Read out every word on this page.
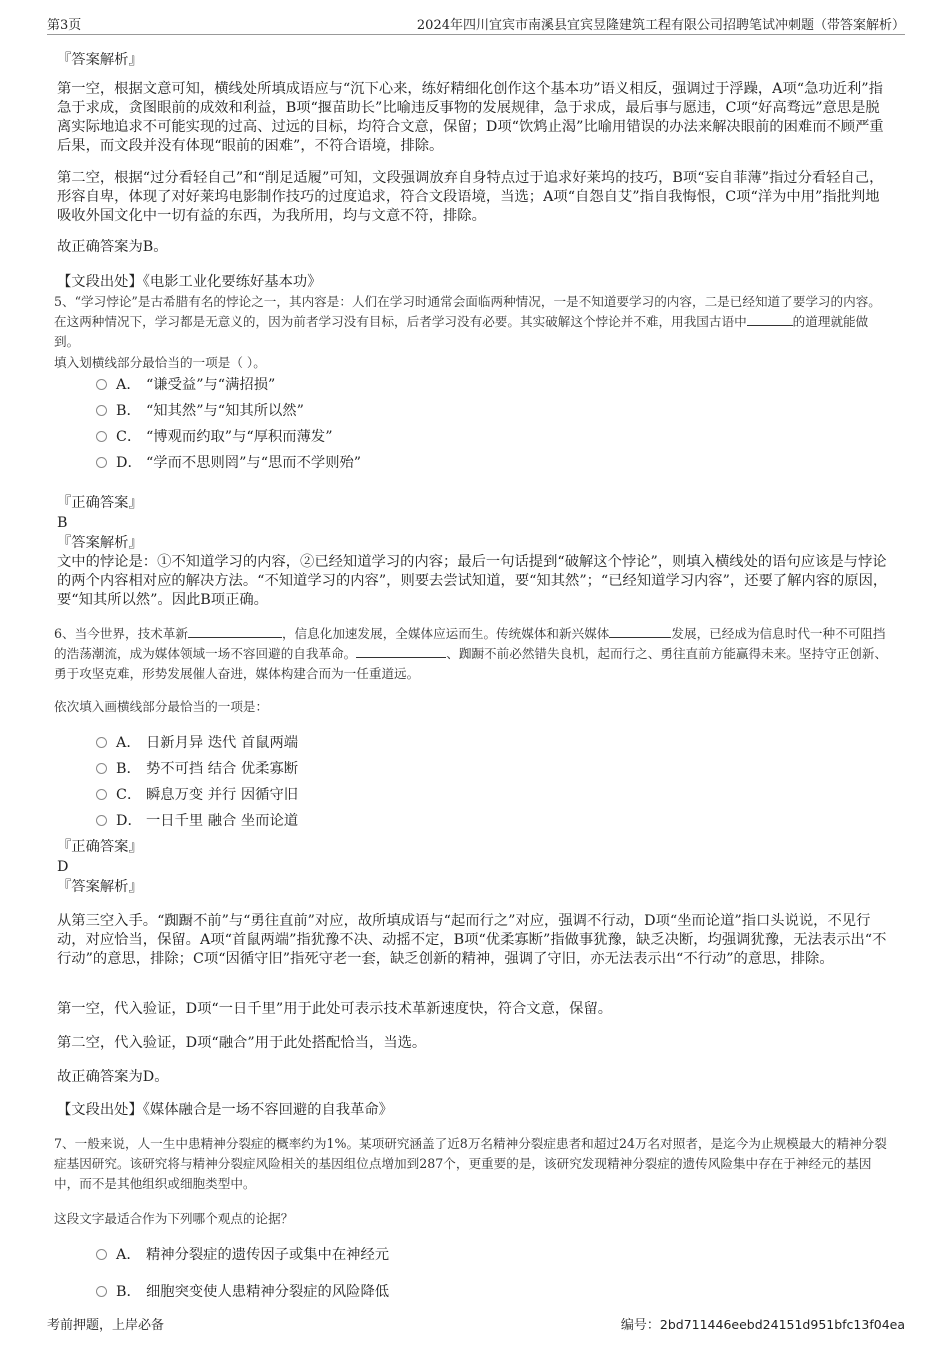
第3页	2024年四川宜宾市南溪县宜宾昱隆建筑工程有限公司招聘笔试冲刺题（带答案解析）

『答案解析』

第一空，根据文意可知，横线处所填成语应与“沉下心来，练好精细化创作这个基本功”语义相反，强调过于浮躁，A项“急功近利”指急于求成，贪图眼前的成效和利益，B项“揠苗助长”比喻违反事物的发展规律，急于求成，最后事与愿违，C项“好高骛远”意思是脱离实际地追求不可能实现的过高、过远的目标，均符合文意，保留；D项“饮鸩止渴”比喻用错误的办法来解决眼前的困难而不顾严重后果，而文段并没有体现“眼前的困难”，不符合语境，排除。

第二空，根据“过分看轻自己”和“削足适履”可知，文段强调放弃自身特点过于追求好莱坞的技巧，B项“妄自菲薄”指过分看轻自己，形容自卑，体现了对好莱坞电影制作技巧的过度追求，符合文段语境，当选；A项“自怨自艾”指自我悔恨，C项“洋为中用”指批判地吸收外国文化中一切有益的东西，为我所用，均与文意不符，排除。

故正确答案为B。

【文段出处】《电影工业化要练好基本功》

5、“学习悖论”是古希腊有名的悖论之一，其内容是：人们在学习时通常会面临两种情况，一是不知道要学习的内容，二是已经知道了要学习的内容。在这两种情况下，学习都是无意义的，因为前者学习没有目标，后者学习没有必要。其实破解这个悖论并不难，用我国古语中	的道理就能做到。

填入划横线部分最恰当的一项是（ ）。

A． “谦受益”与“满招损”
B． “知其然”与“知其所以然”
C． “博观而约取”与“厚积而薄发”
D． “学而不思则罔”与“思而不学则殆”

『正确答案』

B

『答案解析』

文中的悖论是：①不知道学习的内容，②已经知道学习的内容；最后一句话提到“破解这个悖论”，则填入横线处的语句应该是与悖论的两个内容相对应的解决方法。“不知道学习的内容”，则要去尝试知道，要“知其然”；“已经知道学习内容”，还要了解内容的原因，要“知其所以然”。因此B项正确。

6、当今世界，技术革新	，信息化加速发展，全媒体应运而生。传统媒体和新兴媒体	发展，已经成为信息时代一种不可阻挡的浩荡潮流，成为媒体领域一场不容回避的自我革命。	、踟蹰不前必然错失良机，起而行之、勇往直前方能赢得未来。坚持守正创新、勇于攻坚克难，形势发展催人奋进，媒体构建合而为一任重道远。

依次填入画横线部分最恰当的一项是：

A． 日新月异 迭代 首鼠两端
B． 势不可挡 结合 优柔寡断
C． 瞬息万变 并行 因循守旧
D． 一日千里 融合 坐而论道

『正确答案』

D

『答案解析』

从第三空入手。“踟蹰不前”与“勇往直前”对应，故所填成语与“起而行之”对应，强调不行动，D项“坐而论道”指口头说说，不见行动，对应恰当，保留。A项“首鼠两端”指犹豫不决、动摇不定，B项“优柔寡断”指做事犹豫，缺乏决断，均强调犹豫，无法表示出“不行动”的意思，排除；C项“因循守旧”指死守老一套，缺乏创新的精神，强调了守旧，亦无法表示出“不行动”的意思，排除。

第一空，代入验证，D项“一日千里”用于此处可表示技术革新速度快，符合文意，保留。

第二空，代入验证，D项“融合”用于此处搭配恰当，当选。

故正确答案为D。

【文段出处】《媒体融合是一场不容回避的自我革命》

7、一般来说，人一生中患精神分裂症的概率约为1%。某项研究涵盖了近8万名精神分裂症患者和超过24万名对照者，是迄今为止规模最大的精神分裂症基因研究。该研究将与精神分裂症风险相关的基因组位点增加到287个，更重要的是，该研究发现精神分裂症的遗传风险集中存在于神经元的基因中，而不是其他组织或细胞类型中。

这段文字最适合作为下列哪个观点的论据？

A． 精神分裂症的遗传因子或集中在神经元
B． 细胞突变使人患精神分裂症的风险降低
考前押题，上岸必备	编号：2bd711446eebd24151d951bfc13f04ea
